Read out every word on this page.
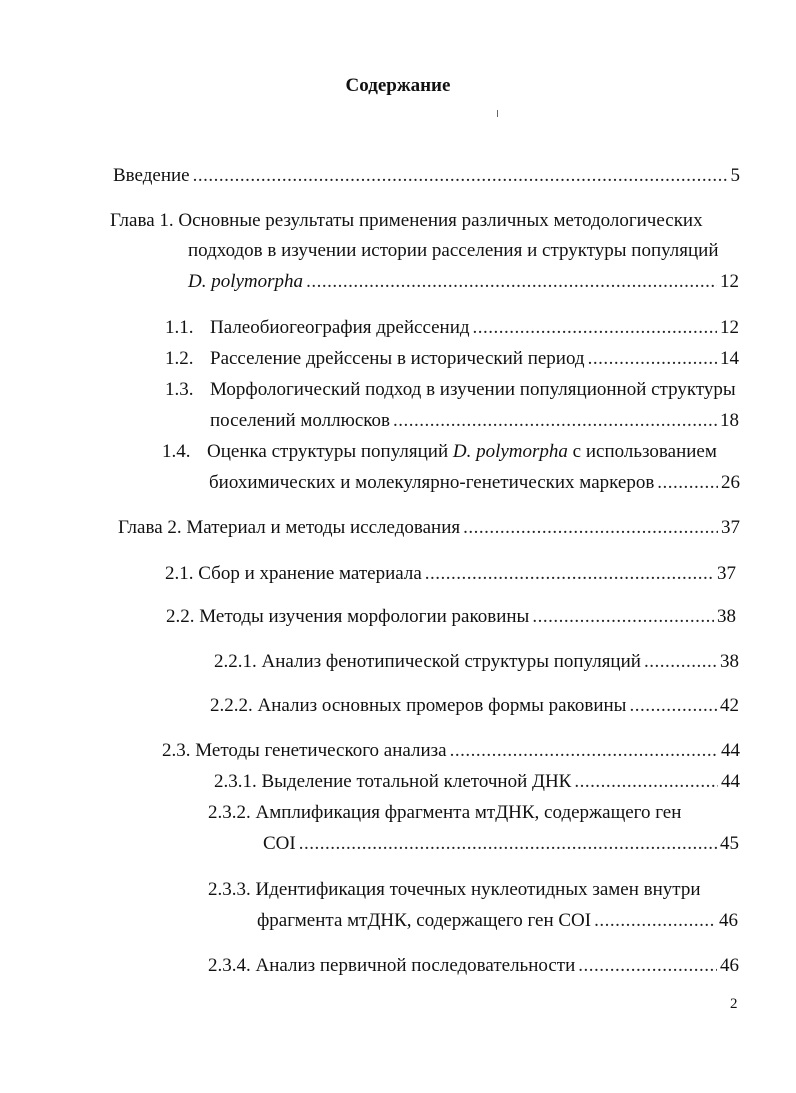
Содержание
Введение .....	5
Глава 1. Основные результаты применения различных методологических
подходов в изучении истории расселения и структуры популяций
D. polymorpha .....	12
1.1. Палеобиогеография дрейссенид .....	12
1.2. Расселение дрейссены в исторический период .....	14
1.3. Морфологический подход в изучении популяционной структуры
поселений моллюсков .....	18
1.4. Оценка структуры популяций D. polymorpha с использованием
биохимических и молекулярно-генетических маркеров .....	26
Глава 2. Материал и методы исследования .....	37
2.1. Сбор и хранение материала .....	37
2.2. Методы изучения морфологии раковины .....	38
2.2.1. Анализ фенотипической структуры популяций .....	38
2.2.2. Анализ основных промеров формы раковины .....	42
2.3. Методы генетического анализа .....	44
2.3.1. Выделение тотальной клеточной ДНК .....	44
2.3.2. Амплификация фрагмента мтДНК, содержащего ген
COI .....	45
2.3.3. Идентификация точечных нуклеотидных замен внутри
фрагмента мтДНК, содержащего ген COI .....	46
2.3.4. Анализ первичной последовательности .....	46
2
